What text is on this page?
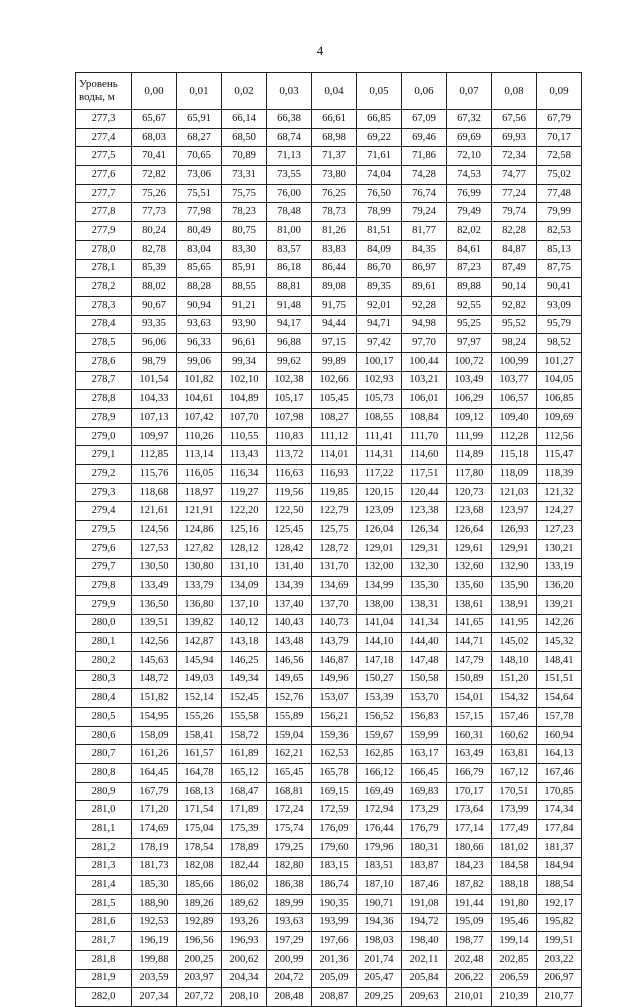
4
Уровень воды, м	0,00	0,01	0,02	0,03	0,04	0,05	0,06	0,07	0,08	0,09
277,3	65,67	65,91	66,14	66,38	66,61	66,85	67,09	67,32	67,56	67,79
277,4	68,03	68,27	68,50	68,74	68,98	69,22	69,46	69,69	69,93	70,17
277,5	70,41	70,65	70,89	71,13	71,37	71,61	71,86	72,10	72,34	72,58
277,6	72,82	73,06	73,31	73,55	73,80	74,04	74,28	74,53	74,77	75,02
277,7	75,26	75,51	75,75	76,00	76,25	76,50	76,74	76,99	77,24	77,48
277,8	77,73	77,98	78,23	78,48	78,73	78,99	79,24	79,49	79,74	79,99
277,9	80,24	80,49	80,75	81,00	81,26	81,51	81,77	82,02	82,28	82,53
278,0	82,78	83,04	83,30	83,57	83,83	84,09	84,35	84,61	84,87	85,13
278,1	85,39	85,65	85,91	86,18	86,44	86,70	86,97	87,23	87,49	87,75
278,2	88,02	88,28	88,55	88,81	89,08	89,35	89,61	89,88	90,14	90,41
278,3	90,67	90,94	91,21	91,48	91,75	92,01	92,28	92,55	92,82	93,09
278,4	93,35	93,63	93,90	94,17	94,44	94,71	94,98	95,25	95,52	95,79
278,5	96,06	96,33	96,61	96,88	97,15	97,42	97,70	97,97	98,24	98,52
278,6	98,79	99,06	99,34	99,62	99,89	100,17	100,44	100,72	100,99	101,27
278,7	101,54	101,82	102,10	102,38	102,66	102,93	103,21	103,49	103,77	104,05
278,8	104,33	104,61	104,89	105,17	105,45	105,73	106,01	106,29	106,57	106,85
278,9	107,13	107,42	107,70	107,98	108,27	108,55	108,84	109,12	109,40	109,69
279,0	109,97	110,26	110,55	110,83	111,12	111,41	111,70	111,99	112,28	112,56
279,1	112,85	113,14	113,43	113,72	114,01	114,31	114,60	114,89	115,18	115,47
279,2	115,76	116,05	116,34	116,63	116,93	117,22	117,51	117,80	118,09	118,39
279,3	118,68	118,97	119,27	119,56	119,85	120,15	120,44	120,73	121,03	121,32
279,4	121,61	121,91	122,20	122,50	122,79	123,09	123,38	123,68	123,97	124,27
279,5	124,56	124,86	125,16	125,45	125,75	126,04	126,34	126,64	126,93	127,23
279,6	127,53	127,82	128,12	128,42	128,72	129,01	129,31	129,61	129,91	130,21
279,7	130,50	130,80	131,10	131,40	131,70	132,00	132,30	132,60	132,90	133,19
279,8	133,49	133,79	134,09	134,39	134,69	134,99	135,30	135,60	135,90	136,20
279,9	136,50	136,80	137,10	137,40	137,70	138,00	138,31	138,61	138,91	139,21
280,0	139,51	139,82	140,12	140,43	140,73	141,04	141,34	141,65	141,95	142,26
280,1	142,56	142,87	143,18	143,48	143,79	144,10	144,40	144,71	145,02	145,32
280,2	145,63	145,94	146,25	146,56	146,87	147,18	147,48	147,79	148,10	148,41
280,3	148,72	149,03	149,34	149,65	149,96	150,27	150,58	150,89	151,20	151,51
280,4	151,82	152,14	152,45	152,76	153,07	153,39	153,70	154,01	154,32	154,64
280,5	154,95	155,26	155,58	155,89	156,21	156,52	156,83	157,15	157,46	157,78
280,6	158,09	158,41	158,72	159,04	159,36	159,67	159,99	160,31	160,62	160,94
280,7	161,26	161,57	161,89	162,21	162,53	162,85	163,17	163,49	163,81	164,13
280,8	164,45	164,78	165,12	165,45	165,78	166,12	166,45	166,79	167,12	167,46
280,9	167,79	168,13	168,47	168,81	169,15	169,49	169,83	170,17	170,51	170,85
281,0	171,20	171,54	171,89	172,24	172,59	172,94	173,29	173,64	173,99	174,34
281,1	174,69	175,04	175,39	175,74	176,09	176,44	176,79	177,14	177,49	177,84
281,2	178,19	178,54	178,89	179,25	179,60	179,96	180,31	180,66	181,02	181,37
281,3	181,73	182,08	182,44	182,80	183,15	183,51	183,87	184,23	184,58	184,94
281,4	185,30	185,66	186,02	186,38	186,74	187,10	187,46	187,82	188,18	188,54
281,5	188,90	189,26	189,62	189,99	190,35	190,71	191,08	191,44	191,80	192,17
281,6	192,53	192,89	193,26	193,63	193,99	194,36	194,72	195,09	195,46	195,82
281,7	196,19	196,56	196,93	197,29	197,66	198,03	198,40	198,77	199,14	199,51
281,8	199,88	200,25	200,62	200,99	201,36	201,74	202,11	202,48	202,85	203,22
281,9	203,59	203,97	204,34	204,72	205,09	205,47	205,84	206,22	206,59	206,97
282,0	207,34	207,72	208,10	208,48	208,87	209,25	209,63	210,01	210,39	210,77
